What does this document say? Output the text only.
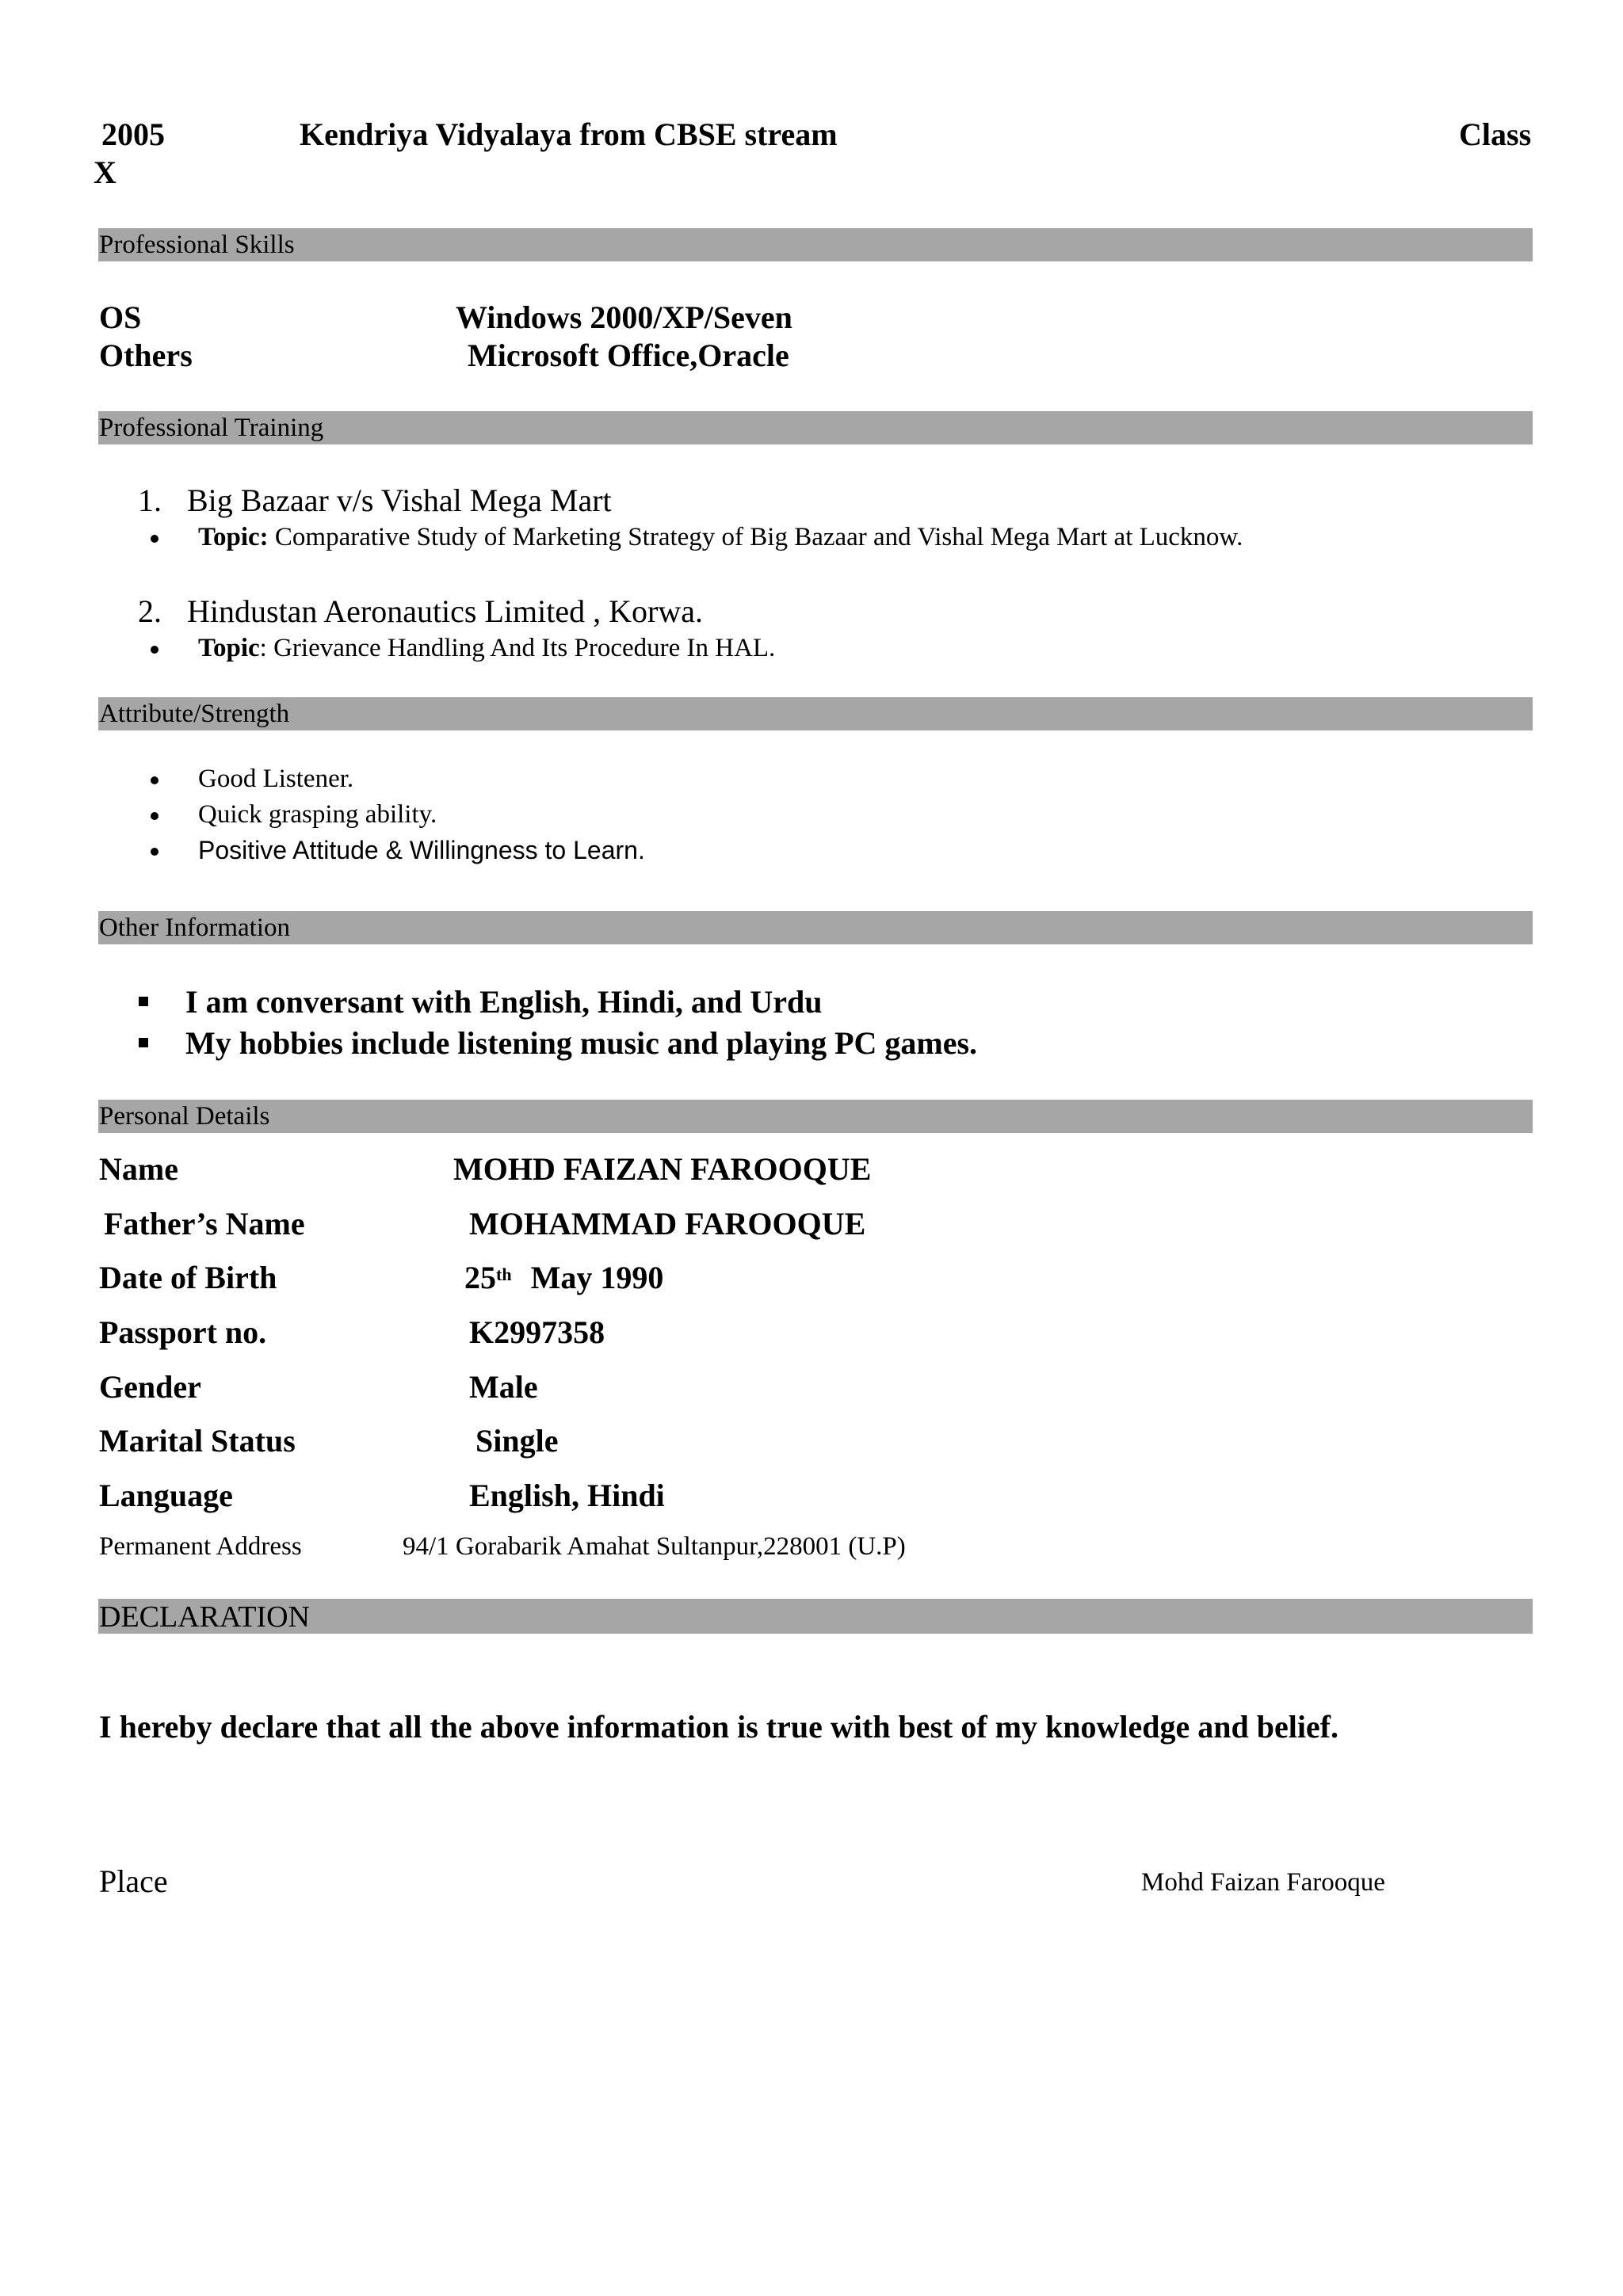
2005	Kendriya Vidyalaya from CBSE stream	Class
X
Professional Skills
OS	Windows 2000/XP/Seven
Others	Microsoft Office,Oracle
Professional Training
1. Big Bazaar v/s Vishal Mega Mart
Topic: Comparative Study of Marketing Strategy of Big Bazaar and Vishal Mega Mart at Lucknow.
2. Hindustan Aeronautics Limited , Korwa.
Topic: Grievance Handling And Its Procedure In HAL.
Attribute/Strength
Good Listener.
Quick grasping ability.
Positive Attitude & Willingness to Learn.
Other Information
I am conversant with English, Hindi, and Urdu
My hobbies include listening music and playing PC games.
Personal Details
Name	MOHD FAIZAN FAROOQUE
Father’s Name	MOHAMMAD FAROOQUE
Date of Birth	25th May 1990
Passport no.	K2997358
Gender	Male
Marital Status	Single
Language	English, Hindi
Permanent Address	94/1 Gorabarik Amahat Sultanpur,228001 (U.P)
DECLARATION
I hereby declare that all the above information is true with best of my knowledge and belief.
Place	Mohd Faizan Farooque
